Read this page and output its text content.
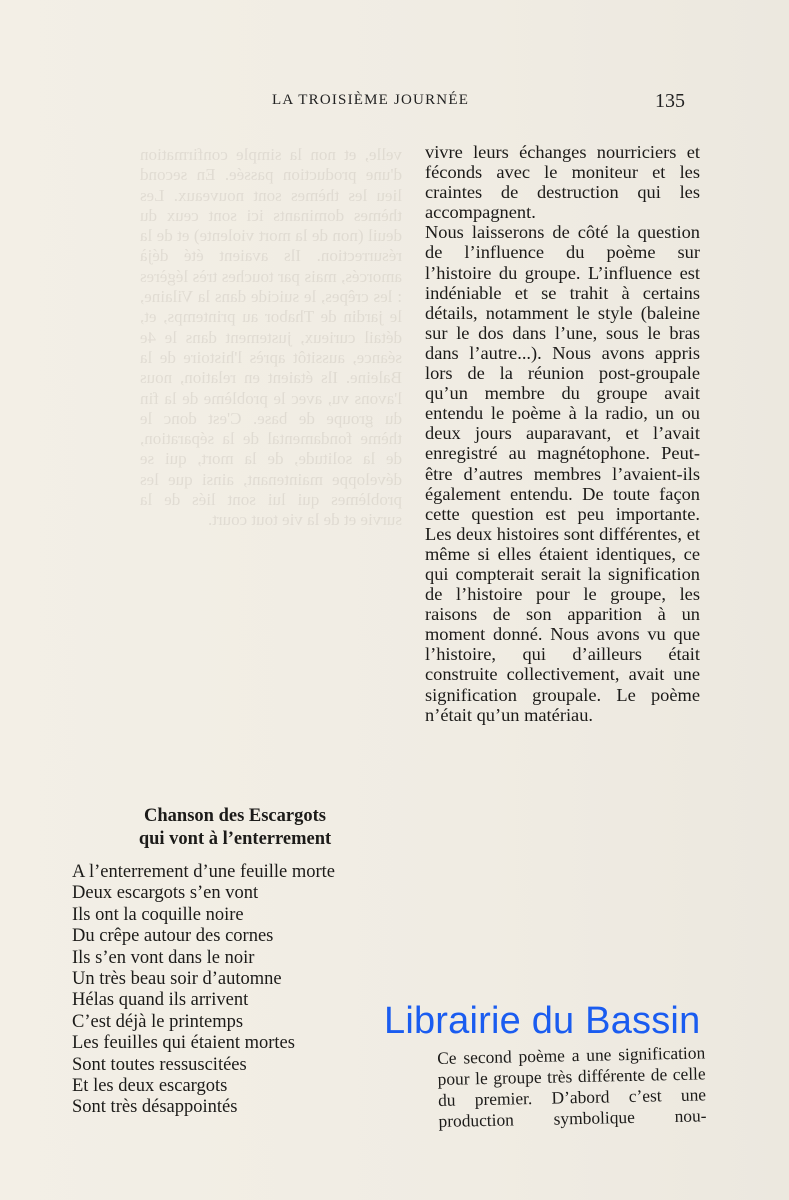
velle, et non la simple confirmation d'une production passée. En second lieu les thèmes sont nouveaux. Les thèmes dominants ici sont ceux du deuil (non de la mort violente) et de la résurrection. Ils avaient été déjà amorcés, mais par touches très légères : les crêpes, le suicide dans la Vilaine, le jardin de Thabor au printemps, et, détail curieux, justement dans le 4e séance, aussitôt après l'histoire de la Baleine. Ils étaient en relation, nous l'avons vu, avec le problème de la fin du groupe de base. C'est donc le thème fondamental de la séparation, de la solitude, de la mort, qui se développe maintenant, ainsi que les problèmes qui lui sont liés de la survie et de la vie tout court.
LA TROISIÈME JOURNÉE	135

vivre leurs échanges nourriciers et féconds avec le moniteur et les craintes de destruction qui les accompagnent.

Nous laisserons de côté la question de l’influence du poème sur l’histoire du groupe. L’influence est indéniable et se trahit à certains détails, notamment le style (baleine sur le dos dans l’une, sous le bras dans l’autre...). Nous avons appris lors de la réunion post-groupale qu’un membre du groupe avait entendu le poème à la radio, un ou deux jours auparavant, et l’avait enregistré au magnétophone. Peut-être d’autres membres l’avaient-ils également entendu. De toute façon cette question est peu importante. Les deux histoires sont différentes, et même si elles étaient identiques, ce qui compterait serait la signification de l’histoire pour le groupe, les raisons de son apparition à un moment donné. Nous avons vu que l’histoire, qui d’ailleurs était construite collectivement, avait une signification groupale. Le poème n’était qu’un matériau.

Chanson des Escargots
qui vont à l’enterrement
A l’enterrement d’une feuille morte
Deux escargots s’en vont
Ils ont la coquille noire
Du crêpe autour des cornes
Ils s’en vont dans le noir
Un très beau soir d’automne
Hélas quand ils arrivent
C’est déjà le printemps
Les feuilles qui étaient mortes
Sont toutes ressuscitées
Et les deux escargots
Sont très désappointés
Librairie du Bassin

Ce second poème a une signification pour le groupe très différente de celle du premier. D’abord c’est une production symbolique nou-
